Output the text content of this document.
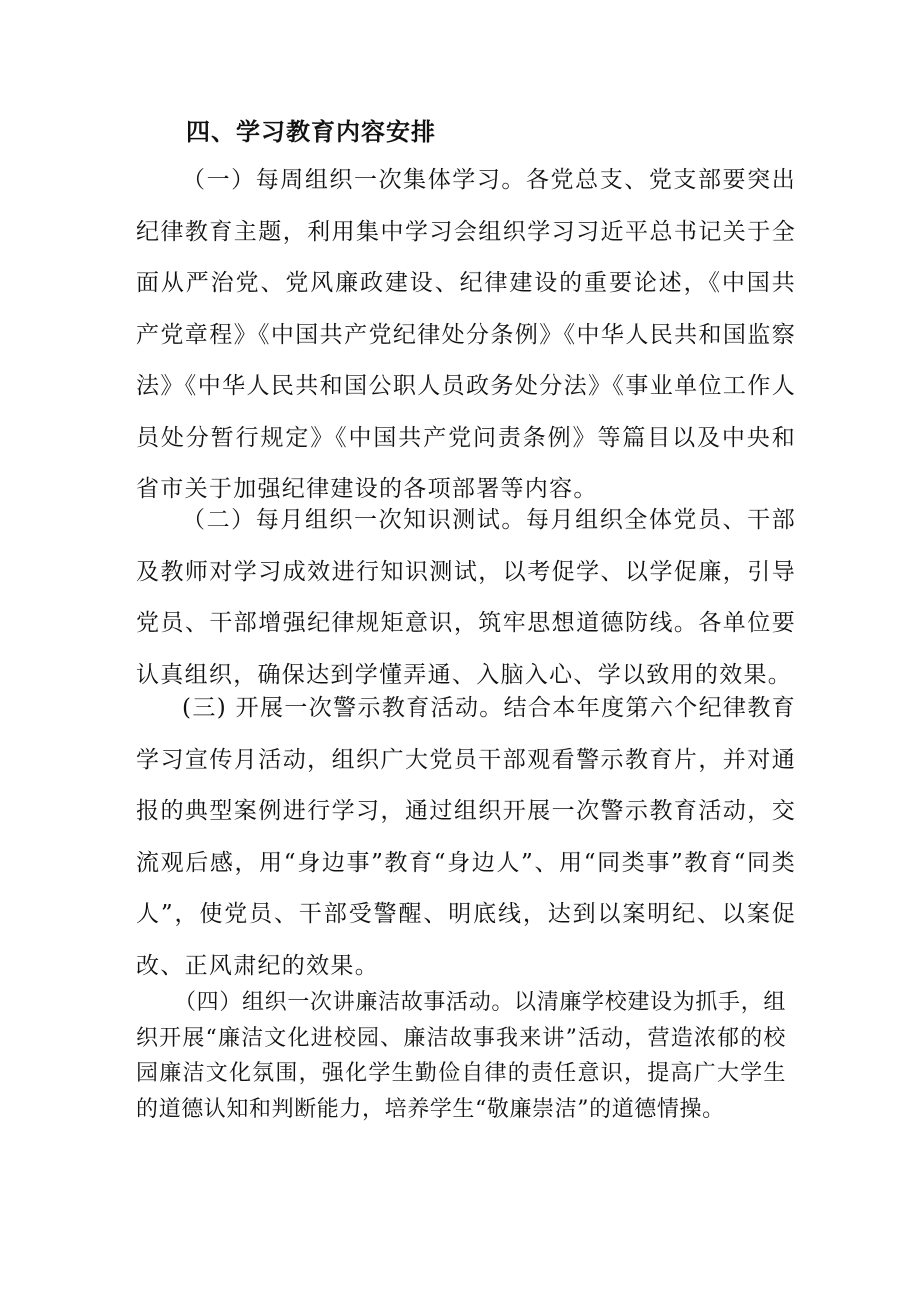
四、学习教育内容安排

（一）每周组织一次集体学习。各党总支、党支部要突出纪律教育主题，利用集中学习会组织学习习近平总书记关于全面从严治党、党风廉政建设、纪律建设的重要论述，《中国共产党章程》《中国共产党纪律处分条例》《中华人民共和国监察法》《中华人民共和国公职人员政务处分法》《事业单位工作人员处分暂行规定》《中国共产党问责条例》等篇目以及中央和省市关于加强纪律建设的各项部署等内容。

（二）每月组织一次知识测试。每月组织全体党员、干部及教师对学习成效进行知识测试，以考促学、以学促廉，引导党员、干部增强纪律规矩意识，筑牢思想道德防线。各单位要认真组织，确保达到学懂弄通、入脑入心、学以致用的效果。

(三) 开展一次警示教育活动。结合本年度第六个纪律教育学习宣传月活动，组织广大党员干部观看警示教育片，并对通报的典型案例进行学习，通过组织开展一次警示教育活动，交流观后感，用“身边事”教育“身边人”、用“同类事”教育“同类人”，使党员、干部受警醒、明底线，达到以案明纪、以案促改、正风肃纪的效果。

（四）组织一次讲廉洁故事活动。以清廉学校建设为抓手，组织开展“廉洁文化进校园、廉洁故事我来讲”活动，营造浓郁的校园廉洁文化氛围，强化学生勤俭自律的责任意识，提高广大学生的道德认知和判断能力，培养学生“敬廉崇洁”的道德情操。
